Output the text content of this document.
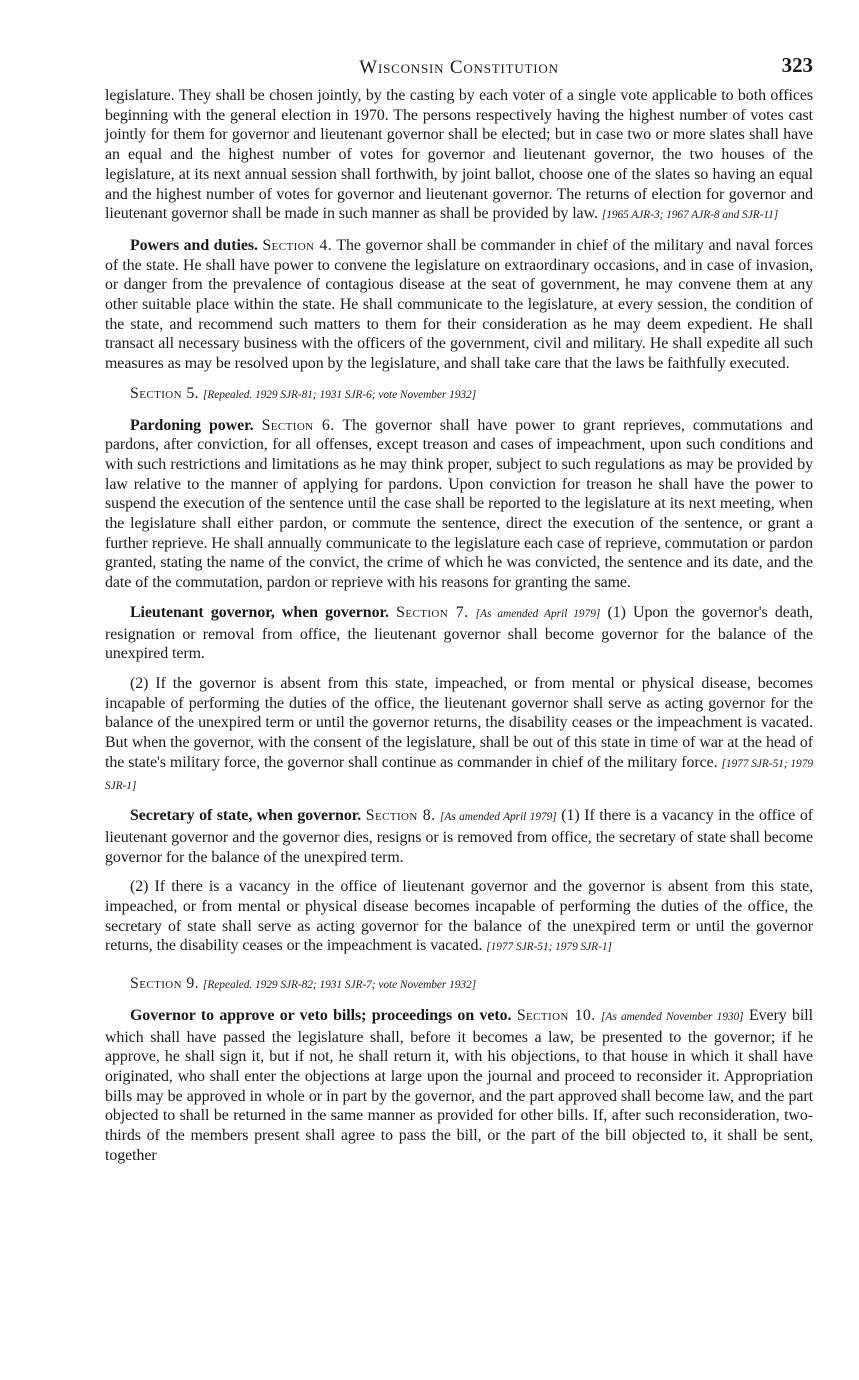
Wisconsin Constitution	323

legislature. They shall be chosen jointly, by the casting by each voter of a single vote applicable to both offices beginning with the general election in 1970. The persons respectively having the highest number of votes cast jointly for them for governor and lieutenant governor shall be elected; but in case two or more slates shall have an equal and the highest number of votes for governor and lieutenant governor, the two houses of the legislature, at its next annual session shall forthwith, by joint ballot, choose one of the slates so having an equal and the highest number of votes for governor and lieutenant governor. The returns of election for governor and lieutenant governor shall be made in such manner as shall be provided by law. [1965 AJR-3; 1967 AJR-8 and SJR-11]

Powers and duties. Section 4. The governor shall be commander in chief of the military and naval forces of the state. He shall have power to convene the legislature on extraordinary occasions, and in case of invasion, or danger from the prevalence of contagious disease at the seat of government, he may convene them at any other suitable place within the state. He shall communicate to the legislature, at every session, the condition of the state, and recommend such matters to them for their consideration as he may deem expedient. He shall transact all necessary business with the officers of the government, civil and military. He shall expedite all such measures as may be resolved upon by the legislature, and shall take care that the laws be faithfully executed.

Section 5. [Repealed. 1929 SJR-81; 1931 SJR-6; vote November 1932]

Pardoning power. Section 6. The governor shall have power to grant reprieves, commutations and pardons, after conviction, for all offenses, except treason and cases of impeachment, upon such conditions and with such restrictions and limitations as he may think proper, subject to such regulations as may be provided by law relative to the manner of applying for pardons. Upon conviction for treason he shall have the power to suspend the execution of the sentence until the case shall be reported to the legislature at its next meeting, when the legislature shall either pardon, or commute the sentence, direct the execution of the sentence, or grant a further reprieve. He shall annually communicate to the legislature each case of reprieve, commutation or pardon granted, stating the name of the convict, the crime of which he was convicted, the sentence and its date, and the date of the commutation, pardon or reprieve with his reasons for granting the same.

Lieutenant governor, when governor. Section 7. [As amended April 1979] (1) Upon the governor's death, resignation or removal from office, the lieutenant governor shall become governor for the balance of the unexpired term.

(2) If the governor is absent from this state, impeached, or from mental or physical disease, becomes incapable of performing the duties of the office, the lieutenant governor shall serve as acting governor for the balance of the unexpired term or until the governor returns, the disability ceases or the impeachment is vacated. But when the governor, with the consent of the legislature, shall be out of this state in time of war at the head of the state's military force, the governor shall continue as commander in chief of the military force. [1977 SJR-51; 1979 SJR-1]

Secretary of state, when governor. Section 8. [As amended April 1979] (1) If there is a vacancy in the office of lieutenant governor and the governor dies, resigns or is removed from office, the secretary of state shall become governor for the balance of the unexpired term.

(2) If there is a vacancy in the office of lieutenant governor and the governor is absent from this state, impeached, or from mental or physical disease becomes incapable of performing the duties of the office, the secretary of state shall serve as acting governor for the balance of the unexpired term or until the governor returns, the disability ceases or the impeachment is vacated. [1977 SJR-51; 1979 SJR-1]

Section 9. [Repealed. 1929 SJR-82; 1931 SJR-7; vote November 1932]

Governor to approve or veto bills; proceedings on veto. Section 10. [As amended November 1930] Every bill which shall have passed the legislature shall, before it becomes a law, be presented to the governor; if he approve, he shall sign it, but if not, he shall return it, with his objections, to that house in which it shall have originated, who shall enter the objections at large upon the journal and proceed to reconsider it. Appropriation bills may be approved in whole or in part by the governor, and the part approved shall become law, and the part objected to shall be returned in the same manner as provided for other bills. If, after such reconsideration, two-thirds of the members present shall agree to pass the bill, or the part of the bill objected to, it shall be sent, together
